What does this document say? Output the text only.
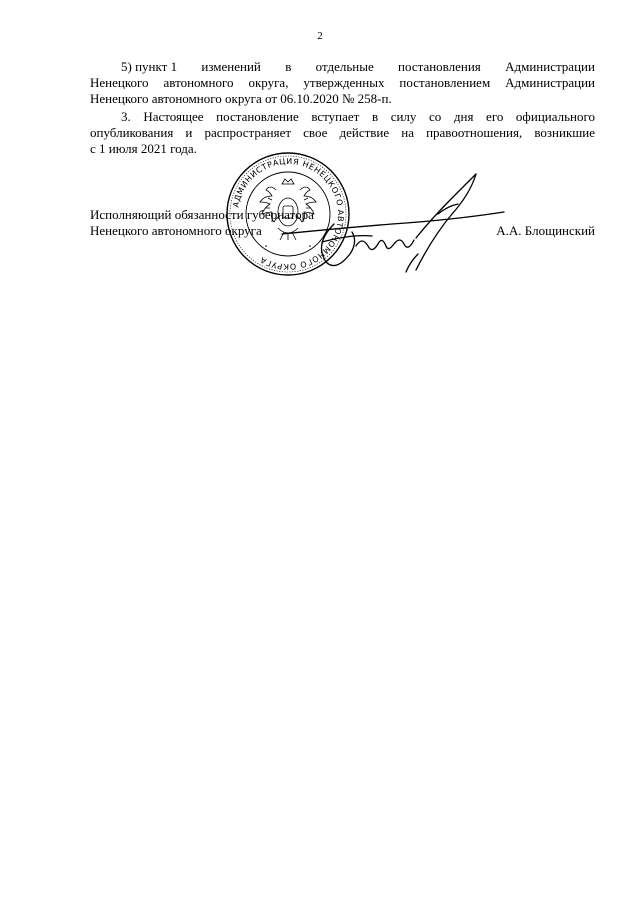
2
5) пункт 1 изменений в отдельные постановления Администрации
Ненецкого автономного округа, утвержденных постановлением Администрации
Ненецкого автономного округа от 06.10.2020 № 258-п.
3. Настоящее постановление вступает в силу со дня его официального
опубликования и распространяет свое действие на правоотношения, возникшие
с 1 июля 2021 года.
АДМИНИСТРАЦИЯ НЕНЕЦКОГО АВТОНОМНОГО ОКРУГА
Исполняющий обязанности губернатора
Ненецкого автономного округа	А.А. Блощинский
